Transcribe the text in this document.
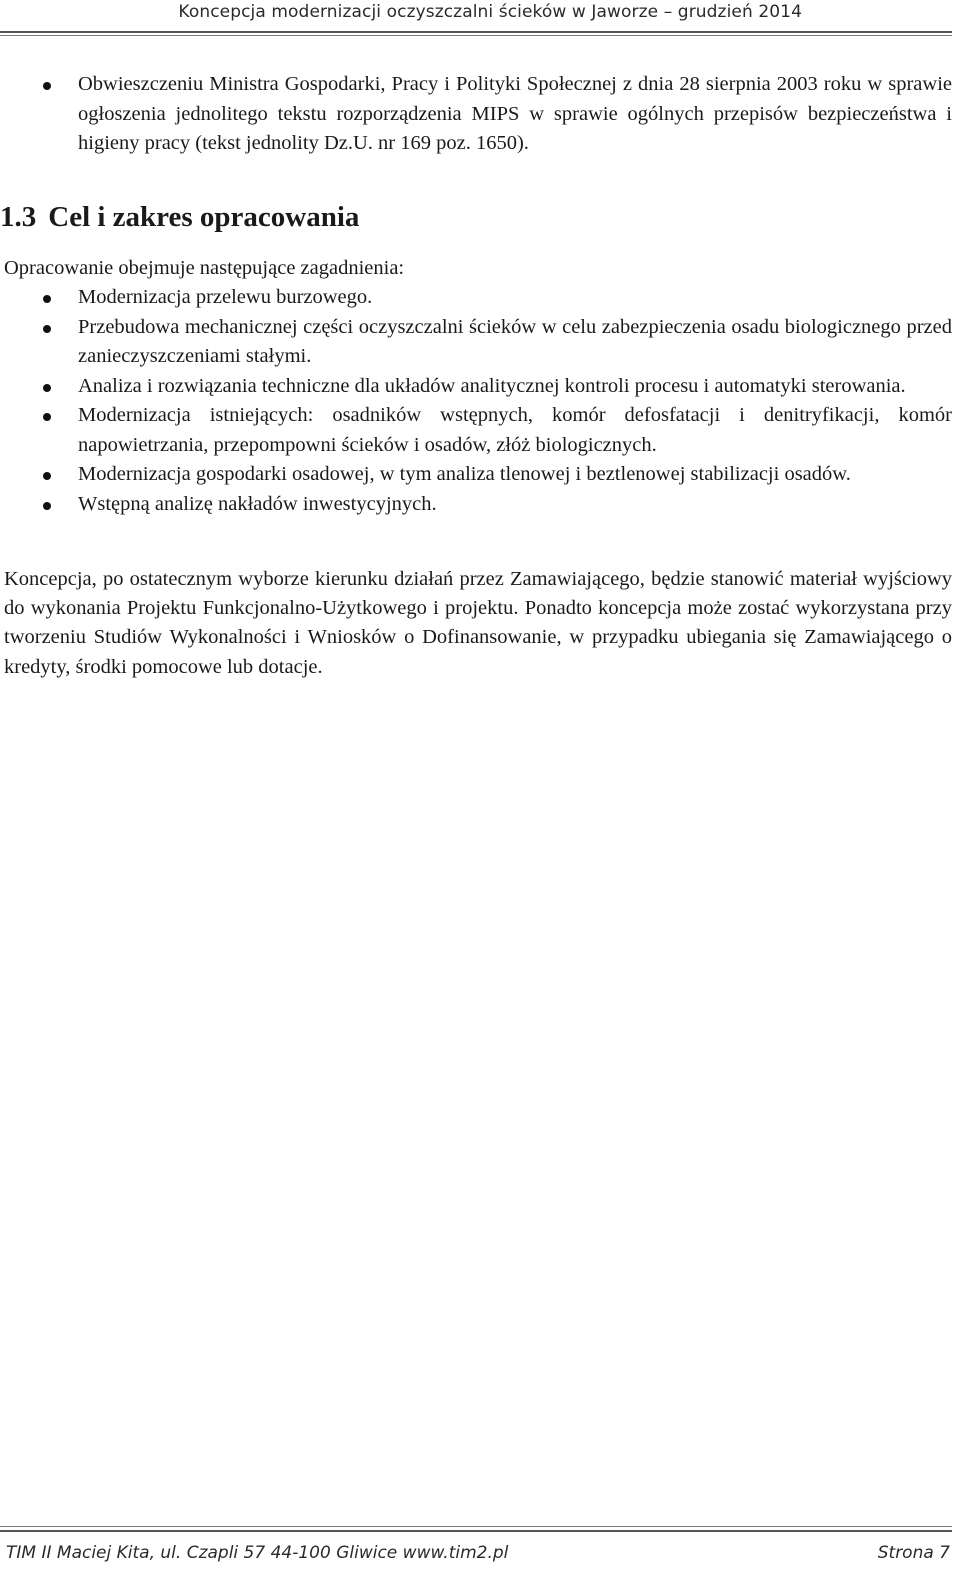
Koncepcja modernizacji oczyszczalni ścieków w Jaworze – grudzień 2014
Obwieszczeniu Ministra Gospodarki, Pracy i Polityki Społecznej z dnia 28 sierpnia 2003 roku w sprawie ogłoszenia jednolitego tekstu rozporządzenia MIPS w sprawie ogólnych przepisów bezpieczeństwa i higieny pracy (tekst jednolity Dz.U. nr 169 poz. 1650).
1.3 Cel i zakres opracowania
Opracowanie obejmuje następujące zagadnienia:
Modernizacja przelewu burzowego.
Przebudowa mechanicznej części oczyszczalni ścieków w celu zabezpieczenia osadu biologicznego przed zanieczyszczeniami stałymi.
Analiza i rozwiązania techniczne dla układów analitycznej kontroli procesu i automatyki sterowania.
Modernizacja istniejących: osadników wstępnych, komór defosfatacji i denitryfikacji, komór napowietrzania, przepompowni ścieków i osadów, złóż biologicznych.
Modernizacja gospodarki osadowej, w tym analiza tlenowej i beztlenowej stabilizacji osadów.
Wstępną analizę nakładów inwestycyjnych.
Koncepcja, po ostatecznym wyborze kierunku działań przez Zamawiającego, będzie stanowić materiał wyjściowy do wykonania Projektu Funkcjonalno-Użytkowego i projektu. Ponadto koncepcja może zostać wykorzystana przy tworzeniu Studiów Wykonalności i Wniosków o Dofinansowanie, w przypadku ubiegania się Zamawiającego o kredyty, środki pomocowe lub dotacje.
TIM II Maciej Kita, ul. Czapli 57 44-100 Gliwice www.tim2.pl	Strona 7
